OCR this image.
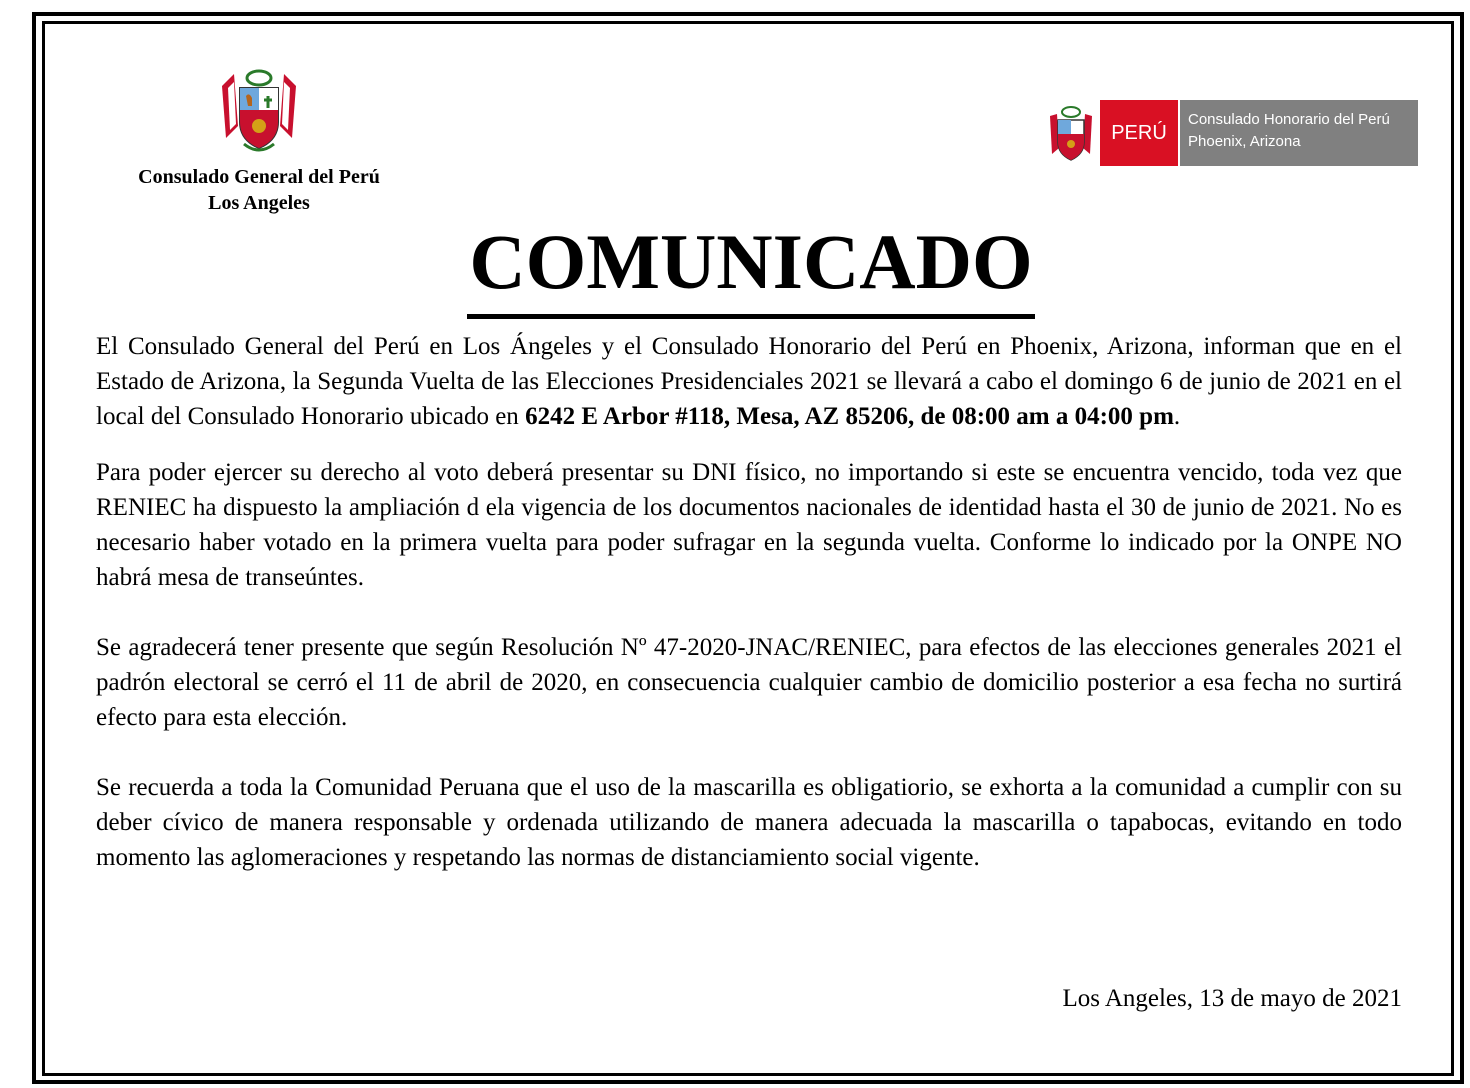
Consulado General del Perú
Los Angeles
PERÚ
Consulado Honorario del Perú
Phoenix, Arizona
COMUNICADO

El Consulado General del Perú en Los Ángeles y el Consulado Honorario del Perú en Phoenix, Arizona, informan que en el Estado de Arizona, la Segunda Vuelta de las Elecciones Presidenciales 2021 se llevará a cabo el domingo 6 de junio de 2021 en el local del Consulado Honorario ubicado en 6242 E Arbor #118, Mesa, AZ 85206, de 08:00 am a 04:00 pm.

Para poder ejercer su derecho al voto deberá presentar su DNI físico, no importando si este se encuentra vencido, toda vez que RENIEC ha dispuesto la ampliación d ela vigencia de los documentos nacionales de identidad hasta el 30 de junio de 2021. No es necesario haber votado en la primera vuelta para poder sufragar en la segunda vuelta. Conforme lo indicado por la ONPE NO habrá mesa de transeúntes.

Se agradecerá tener presente que según Resolución Nº 47-2020-JNAC/RENIEC, para efectos de las elecciones generales 2021 el padrón electoral se cerró el 11 de abril de 2020, en consecuencia cualquier cambio de domicilio posterior a esa fecha no surtirá efecto para esta elección.

Se recuerda a toda la Comunidad Peruana que el uso de la mascarilla es obligatiorio, se exhorta a la comunidad a cumplir con su deber cívico de manera responsable y ordenada utilizando de manera adecuada la mascarilla o tapabocas, evitando en todo momento las aglomeraciones y respetando las normas de distanciamiento social vigente.

Los Angeles, 13 de mayo de 2021
